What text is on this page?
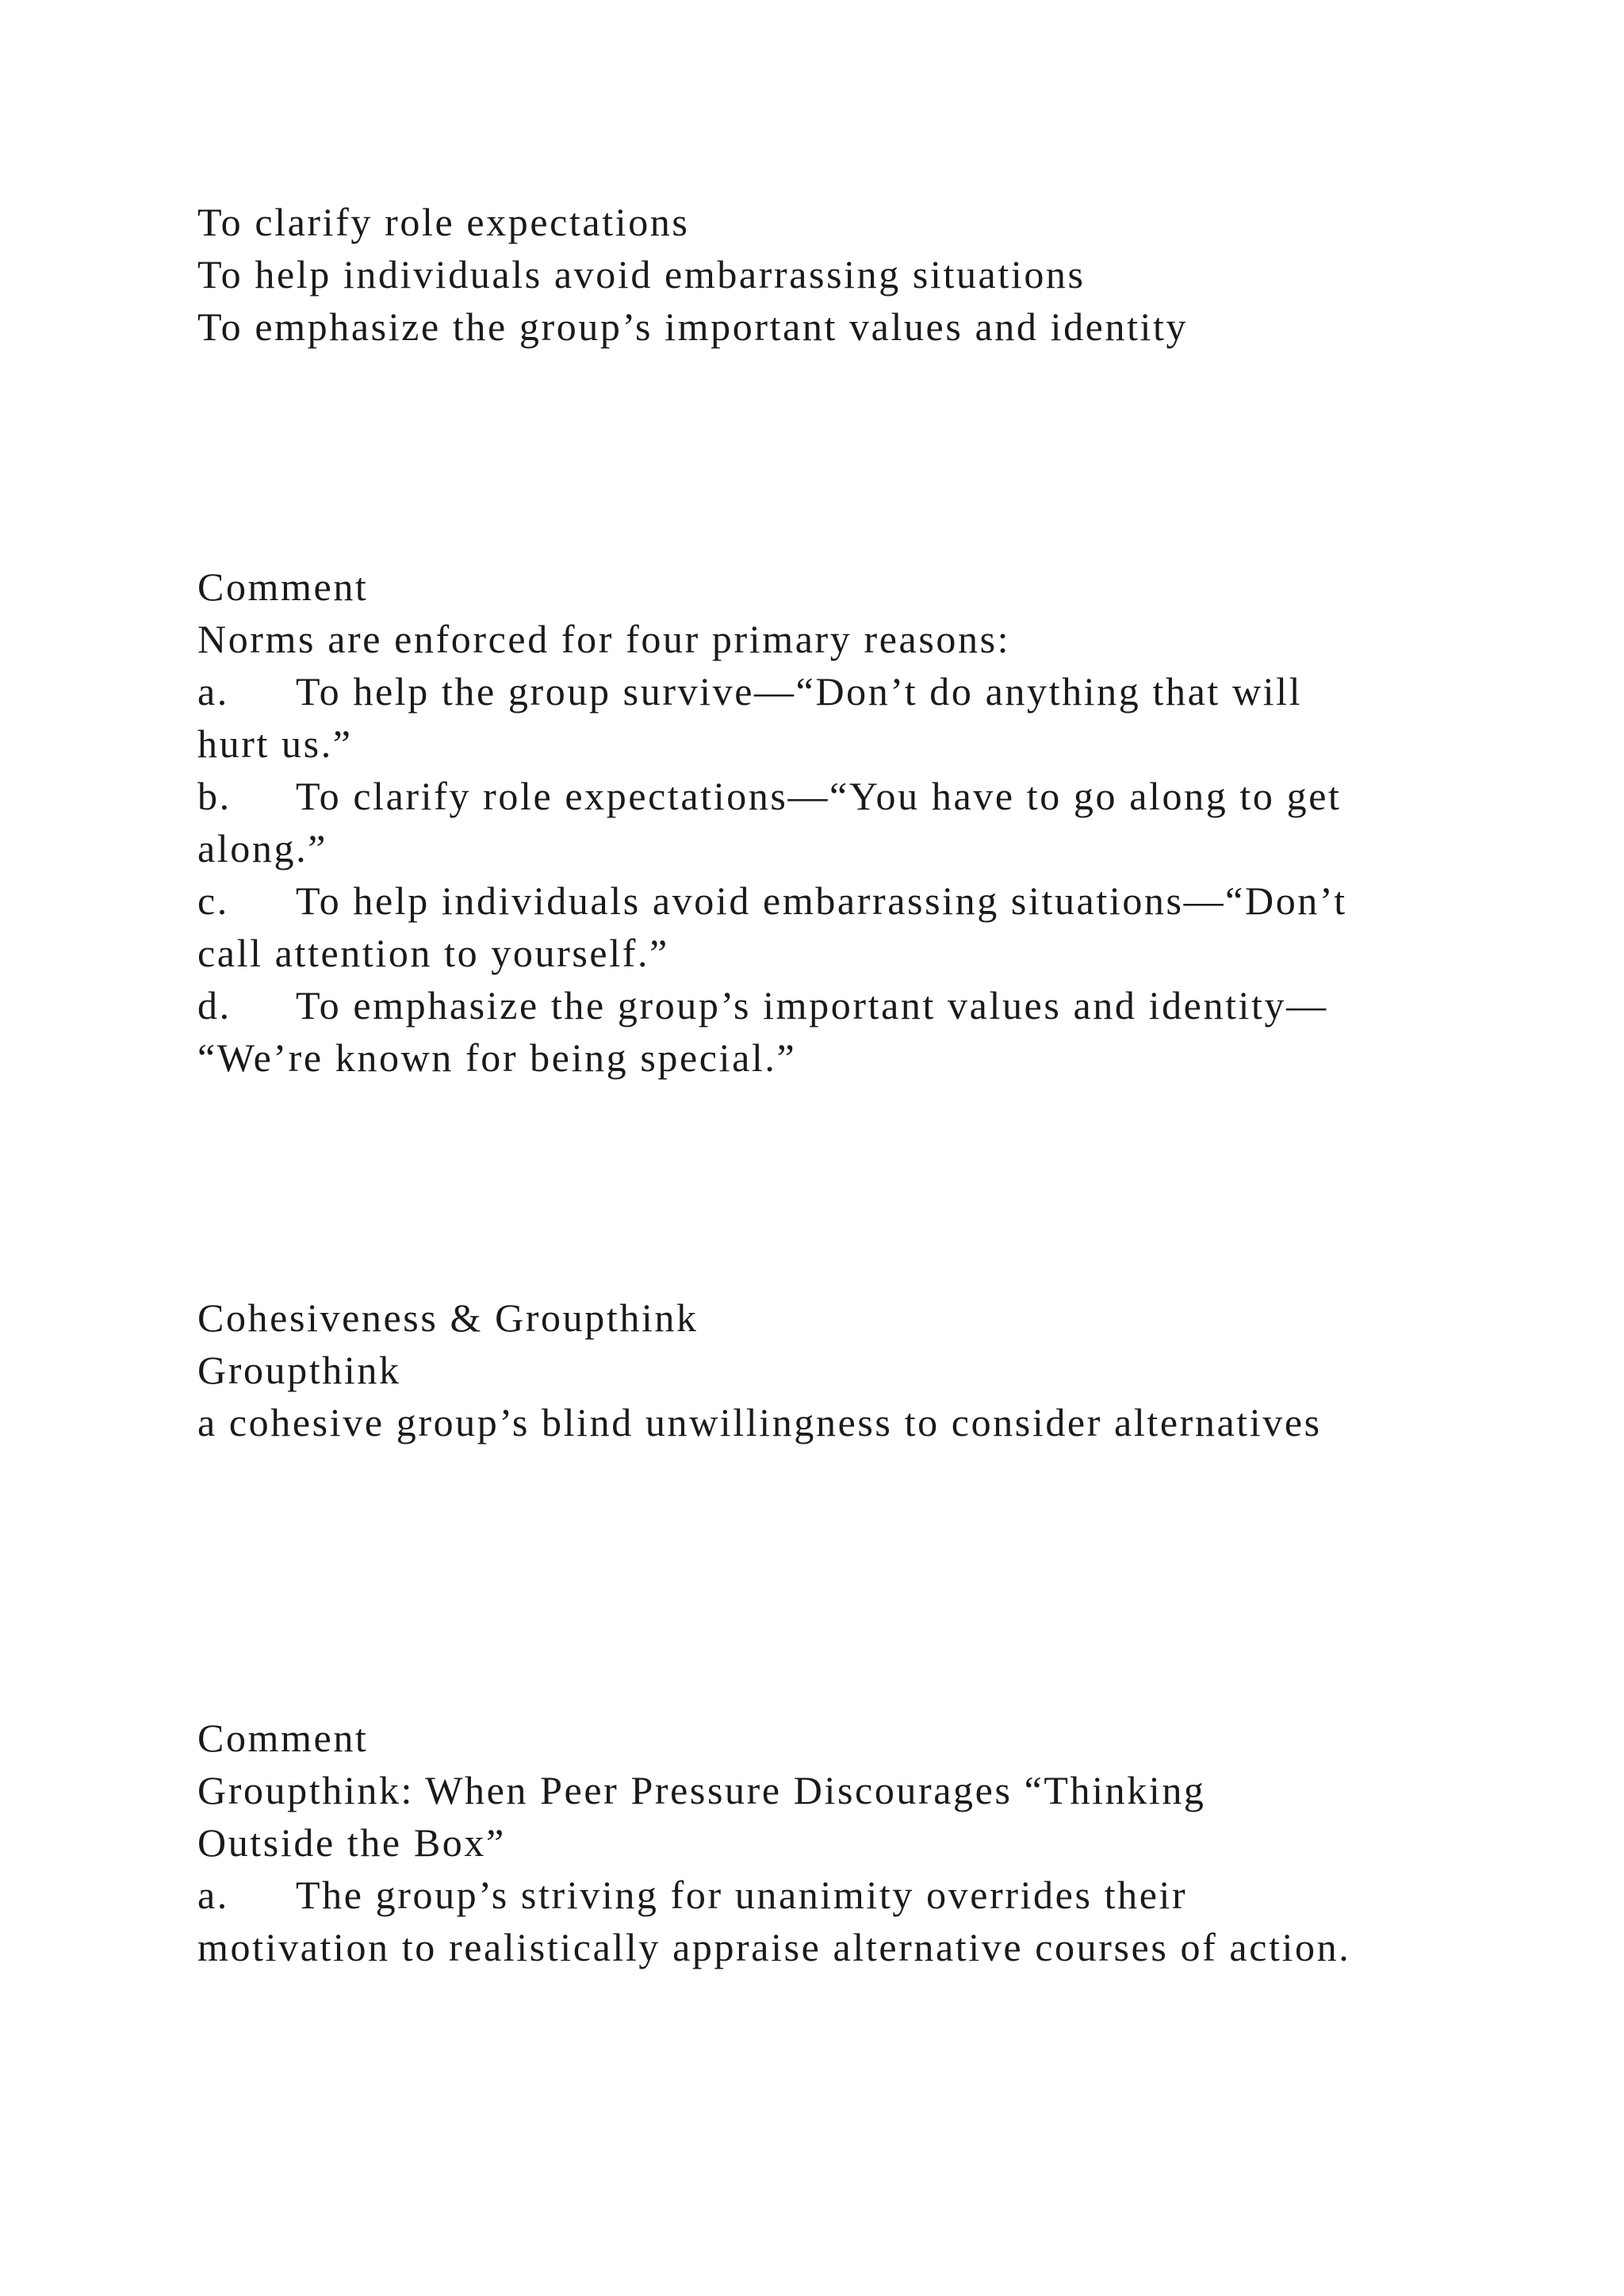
To clarify role expectations
To help individuals avoid embarrassing situations
To emphasize the group’s important values and identity
Comment
Norms are enforced for four primary reasons:
a. To help the group survive—“Don’t do anything that will
hurt us.”
b. To clarify role expectations—“You have to go along to get
along.”
c. To help individuals avoid embarrassing situations—“Don’t
call attention to yourself.”
d. To emphasize the group’s important values and identity—
“We’re known for being special.”
Cohesiveness & Groupthink
Groupthink
a cohesive group’s blind unwillingness to consider alternatives
Comment
Groupthink: When Peer Pressure Discourages “Thinking
Outside the Box”
a. The group’s striving for unanimity overrides their
motivation to realistically appraise alternative courses of action.
